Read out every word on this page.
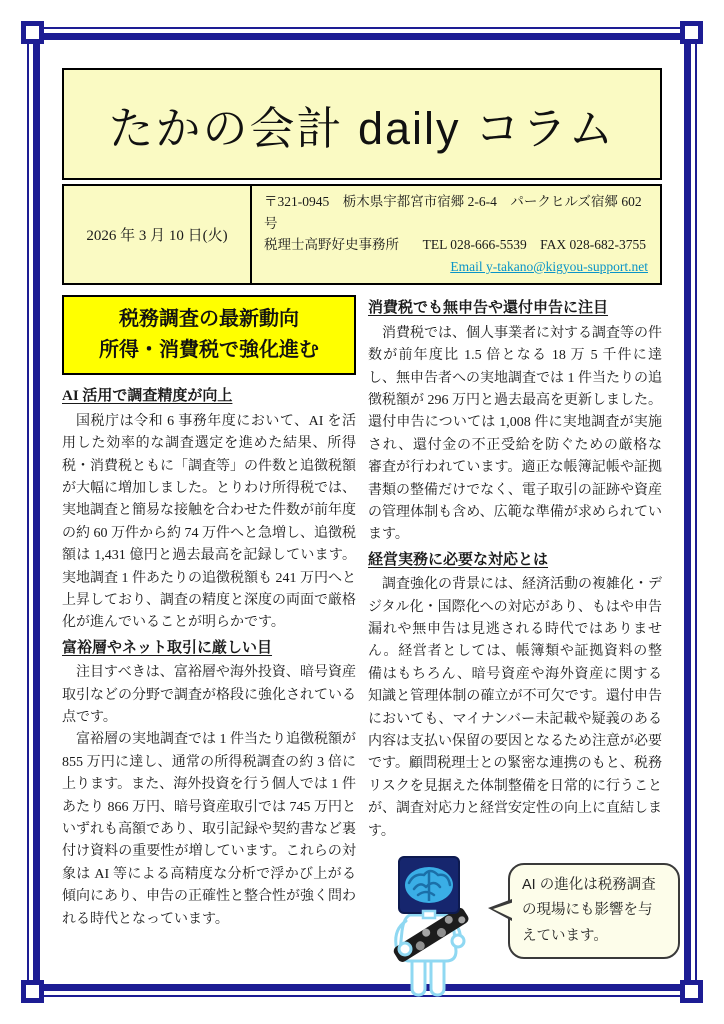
たかの会計 daily コラム
2026 年 3 月 10 日(火)
〒321-0945　栃木県宇都宮市宿郷 2-6-4　パークヒルズ宿郷 602 号
税理士高野好史事務所	TEL 028-666-5539 FAX 028-682-3755
Email y-takano@kigyou-support.net
税務調査の最新動向
所得・消費税で強化進む
AI 活用で調査精度が向上

国税庁は令和 6 事務年度において、AI を活用した効率的な調査選定を進めた結果、所得税・消費税ともに「調査等」の件数と追徴税額が大幅に増加しました。とりわけ所得税では、実地調査と簡易な接触を合わせた件数が前年度の約 60 万件から約 74 万件へと急増し、追徴税額は 1,431 億円と過去最高を記録しています。実地調査 1 件あたりの追徴税額も 241 万円へと上昇しており、調査の精度と深度の両面で厳格化が進んでいることが明らかです。

富裕層やネット取引に厳しい目

注目すべきは、富裕層や海外投資、暗号資産取引などの分野で調査が格段に強化されている点です。

富裕層の実地調査では 1 件当たり追徴税額が 855 万円に達し、通常の所得税調査の約 3 倍に上ります。また、海外投資を行う個人では 1 件あたり 866 万円、暗号資産取引では 745 万円といずれも高額であり、取引記録や契約書など裏付け資料の重要性が増しています。これらの対象は AI 等による高精度な分析で浮かび上がる傾向にあり、申告の正確性と整合性が強く問われる時代となっています。

消費税でも無申告や還付申告に注目

消費税では、個人事業者に対する調査等の件数が前年度比 1.5 倍となる 18 万 5 千件に達し、無申告者への実地調査では 1 件当たりの追徴税額が 296 万円と過去最高を更新しました。還付申告については 1,008 件に実地調査が実施され、還付金の不正受給を防ぐための厳格な審査が行われています。適正な帳簿記帳や証拠書類の整備だけでなく、電子取引の証跡や資産の管理体制も含め、広範な準備が求められています。

経営実務に必要な対応とは

調査強化の背景には、経済活動の複雑化・デジタル化・国際化への対応があり、もはや申告漏れや無申告は見逃される時代ではありません。経営者としては、帳簿類や証拠資料の整備はもちろん、暗号資産や海外資産に関する知識と管理体制の確立が不可欠です。還付申告においても、マイナンバー未記載や疑義のある内容は支払い保留の要因となるため注意が必要です。顧問税理士との緊密な連携のもと、税務リスクを見据えた体制整備を日常的に行うことが、調査対応力と経営安定性の向上に直結します。

AI の進化は税務調査の現場にも影響を与えています。
